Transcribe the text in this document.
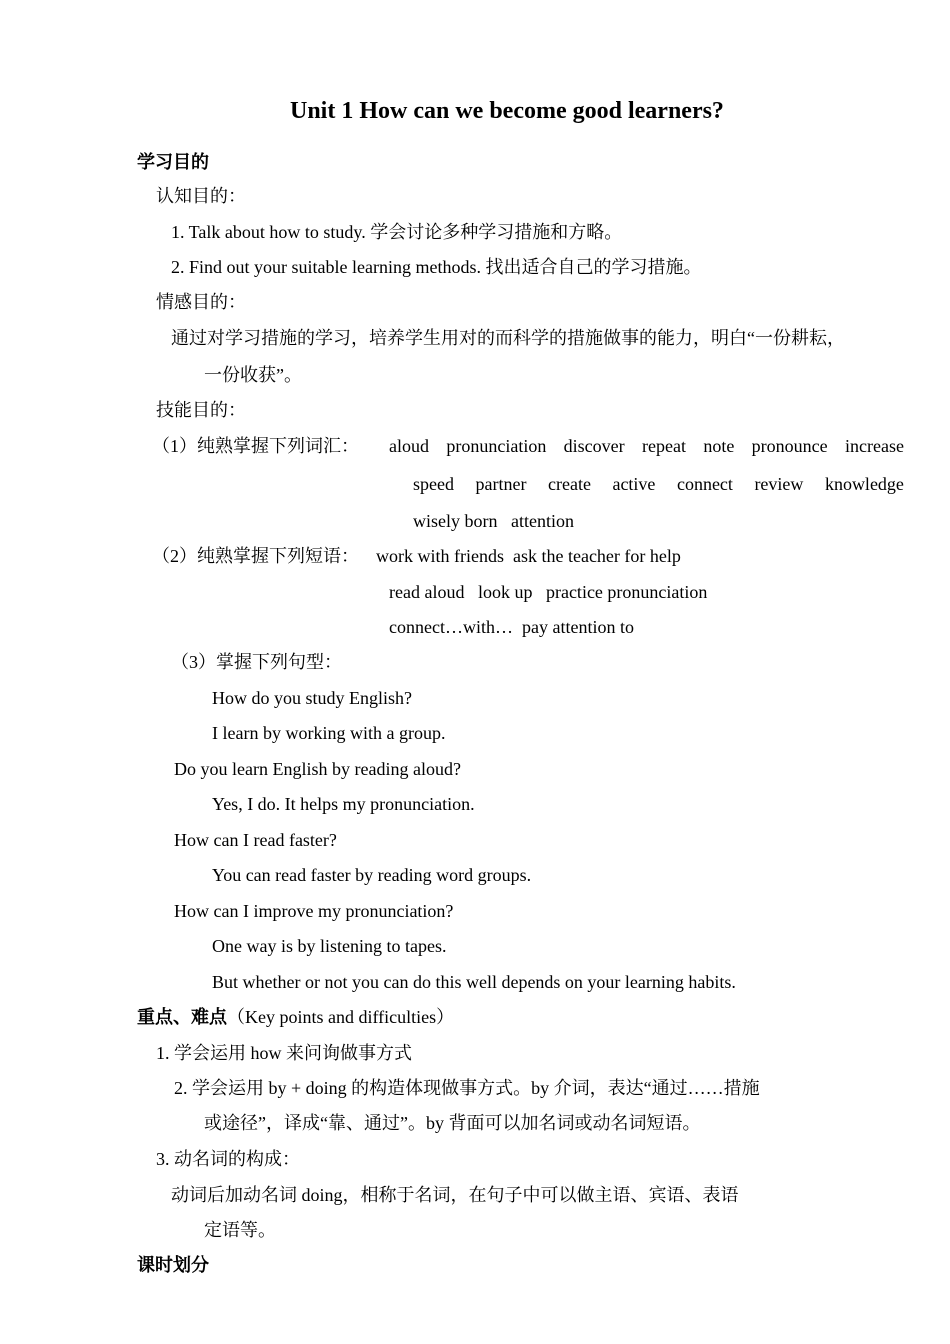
Unit 1 How can we become good learners?
学习目的
认知目的：
1. Talk about how to study. 学会讨论多种学习措施和方略。
2. Find out your suitable learning methods. 找出适合自己的学习措施。
情感目的：
通过对学习措施的学习，培养学生用对的而科学的措施做事的能力，明白“一份耕耘，
一份收获”。
技能目的：
（1）纯熟掌握下列词汇： aloud pronunciation discover repeat note pronounce increase
speed partner create active connect review knowledge
wisely born   attention
（2）纯熟掌握下列短语： work with friends  ask the teacher for help
read aloud   look up   practice pronunciation
connect…with…  pay attention to
（3）掌握下列句型：
How do you study English?
I learn by working with a group.
Do you learn English by reading aloud?
Yes, I do. It helps my pronunciation.
How can I read faster?
You can read faster by reading word groups.
How can I improve my pronunciation?
One way is by listening to tapes.
But whether or not you can do this well depends on your learning habits.
重点、难点（Key points and difficulties）
1. 学会运用 how 来问询做事方式
2. 学会运用 by + doing 的构造体现做事方式。by 介词，表达“通过……措施
或途径”，译成“靠、通过”。by 背面可以加名词或动名词短语。
3. 动名词的构成：
动词后加动名词 doing，相称于名词，在句子中可以做主语、宾语、表语
定语等。
课时划分
